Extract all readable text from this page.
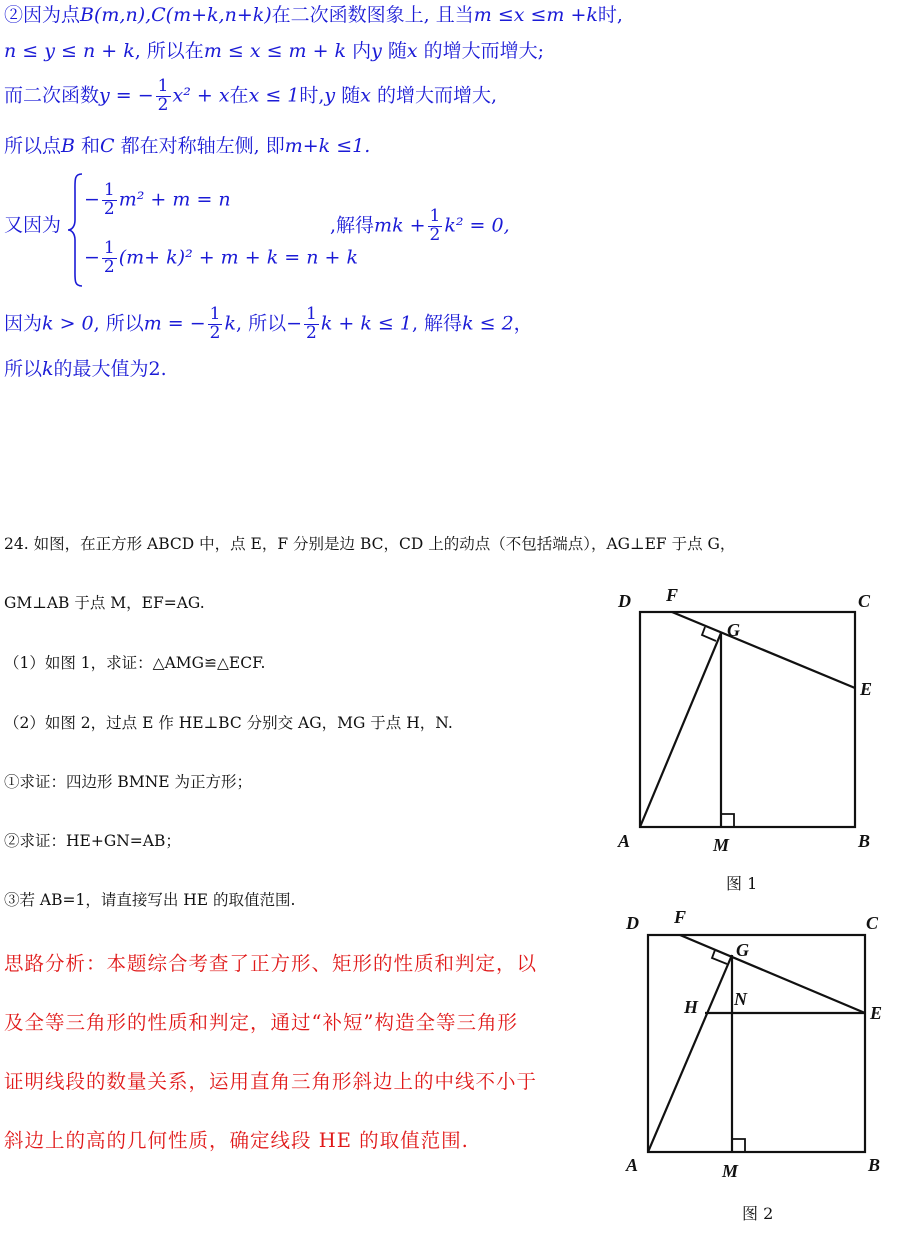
②因为点B(m,n),C(m+k,n+k)在二次函数图象上, 且当m ≤x ≤m +k时,
n ≤ y ≤ n + k, 所以在m ≤ x ≤ m + k 内y 随x 的增大而增大;
而二次函数y = − $\frac{1}{2} x^2 + x$在x ≤ 1时,y 随x 的增大而增大,
所以点B 和C 都在对称轴左侧, 即m+k ≤1.
又因为
− $\frac{1}{2} m^2 + m = n$
− $\frac{1}{2} (m+ k)^2 + m + k = n + k$
,解得mk + $\frac{1}{2} k^2 = 0$,
因为k > 0, 所以m = − $\frac{1}{2} k$, 所以− $\frac{1}{2}$ k + k ≤ 1, 解得k ≤ 2，
所以k的最大值为2.
24. 如图，在正方形 ABCD 中，点 E，F 分别是边 BC，CD 上的动点（不包括端点），AG⊥EF 于点 G，
GM⊥AB 于点 M，EF=AG.
（1）如图 1，求证：△AMG≌△ECF.
（2）如图 2，过点 E 作 HE⊥BC 分别交 AG，MG 于点 H，N.
①求证：四边形 BMNE 为正方形；
②求证：HE+GN=AB；
③若 AB=1，请直接写出 HE 的取值范围.
思路分析：本题综合考查了正方形、矩形的性质和判定，以
及全等三角形的性质和判定，通过“补短”构造全等三角形
证明线段的数量关系，运用直角三角形斜边上的中线不小于
斜边上的高的几何性质，确定线段 HE 的取值范围.
D F	C
G
E
A	M	B
图 1
D F	C
G
H N
E
A	M	B
图 2
